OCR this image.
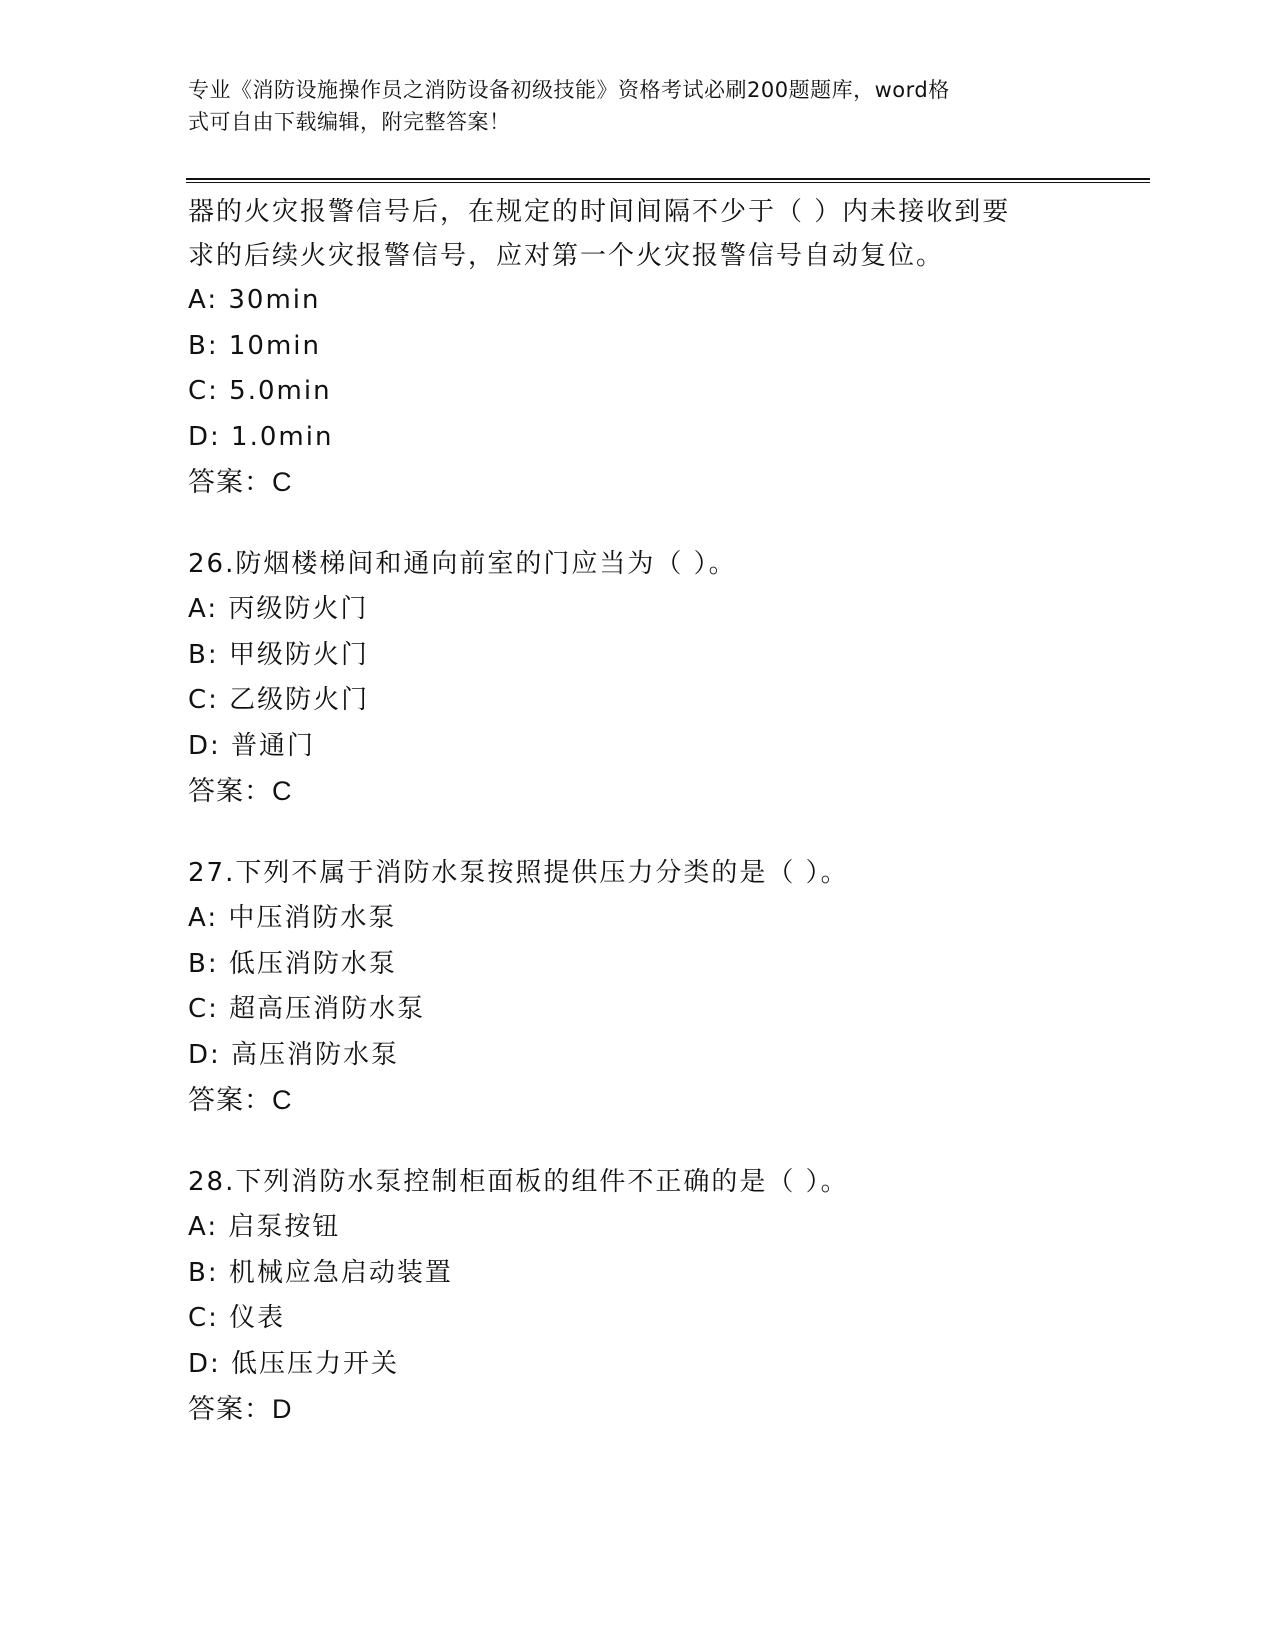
专业《消防设施操作员之消防设备初级技能》资格考试必刷200题题库，word格
式可自由下载编辑，附完整答案！
器的火灾报警信号后，在规定的时间间隔不少于（ ）内未接收到要
求的后续火灾报警信号，应对第一个火灾报警信号自动复位。
A: 30min
B: 10min
C: 5.0min
D: 1.0min
答案：C
26.防烟楼梯间和通向前室的门应当为（ ）。
A: 丙级防火门
B: 甲级防火门
C: 乙级防火门
D: 普通门
答案：C
27.下列不属于消防水泵按照提供压力分类的是（ ）。
A: 中压消防水泵
B: 低压消防水泵
C: 超高压消防水泵
D: 高压消防水泵
答案：C
28.下列消防水泵控制柜面板的组件不正确的是（ ）。
A: 启泵按钮
B: 机械应急启动装置
C: 仪表
D: 低压压力开关
答案：D
